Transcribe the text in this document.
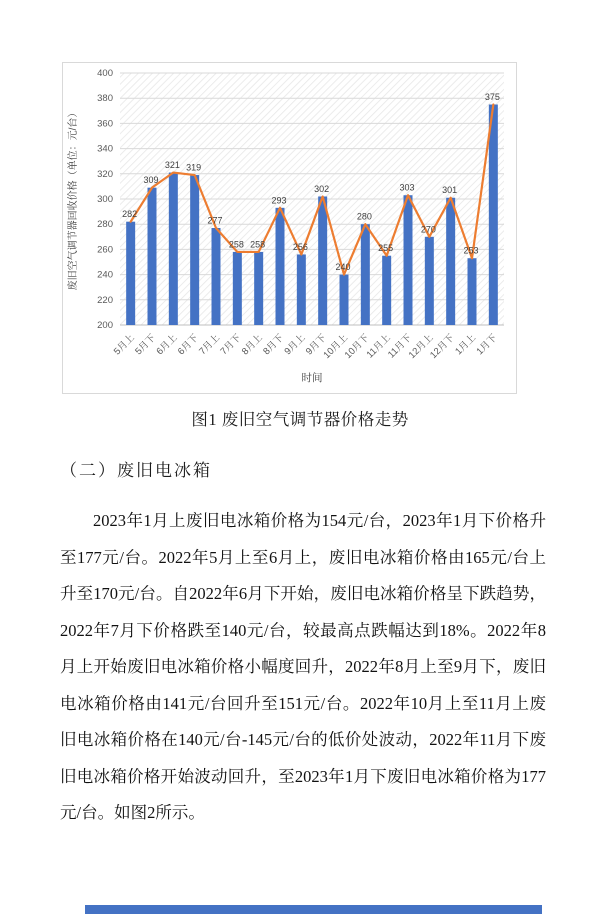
200
220
240
260
280
300
320
340
360
380
400
282
309
321 319
277
258 258
293
256
302
240
280
255
303
270
301
253
375
5月上
5月下
6月上
6月下
7月上
7月下
8月上
8月下
9月上
9月下
10月上
10月下
11月上
11月下
12月上
12月下
1月上
1月下
时间
废旧空气调节器回收价格（单位：元/台）
图1 废旧空气调节器价格走势
（二）废旧电冰箱
2023年1月上废旧电冰箱价格为154元/台，2023年1月下价格升至177元/台。2022年5月上至6月上，废旧电冰箱价格由165元/台上升至170元/台。自2022年6月下开始，废旧电冰箱价格呈下跌趋势，2022年7月下价格跌至140元/台，较最高点跌幅达到18%。2022年8月上开始废旧电冰箱价格小幅度回升，2022年8月上至9月下，废旧电冰箱价格由141元/台回升至151元/台。2022年10月上至11月上废旧电冰箱价格在140元/台-145元/台的低价处波动，2022年11月下废旧电冰箱价格开始波动回升，至2023年1月下废旧电冰箱价格为177元/台。如图2所示。
